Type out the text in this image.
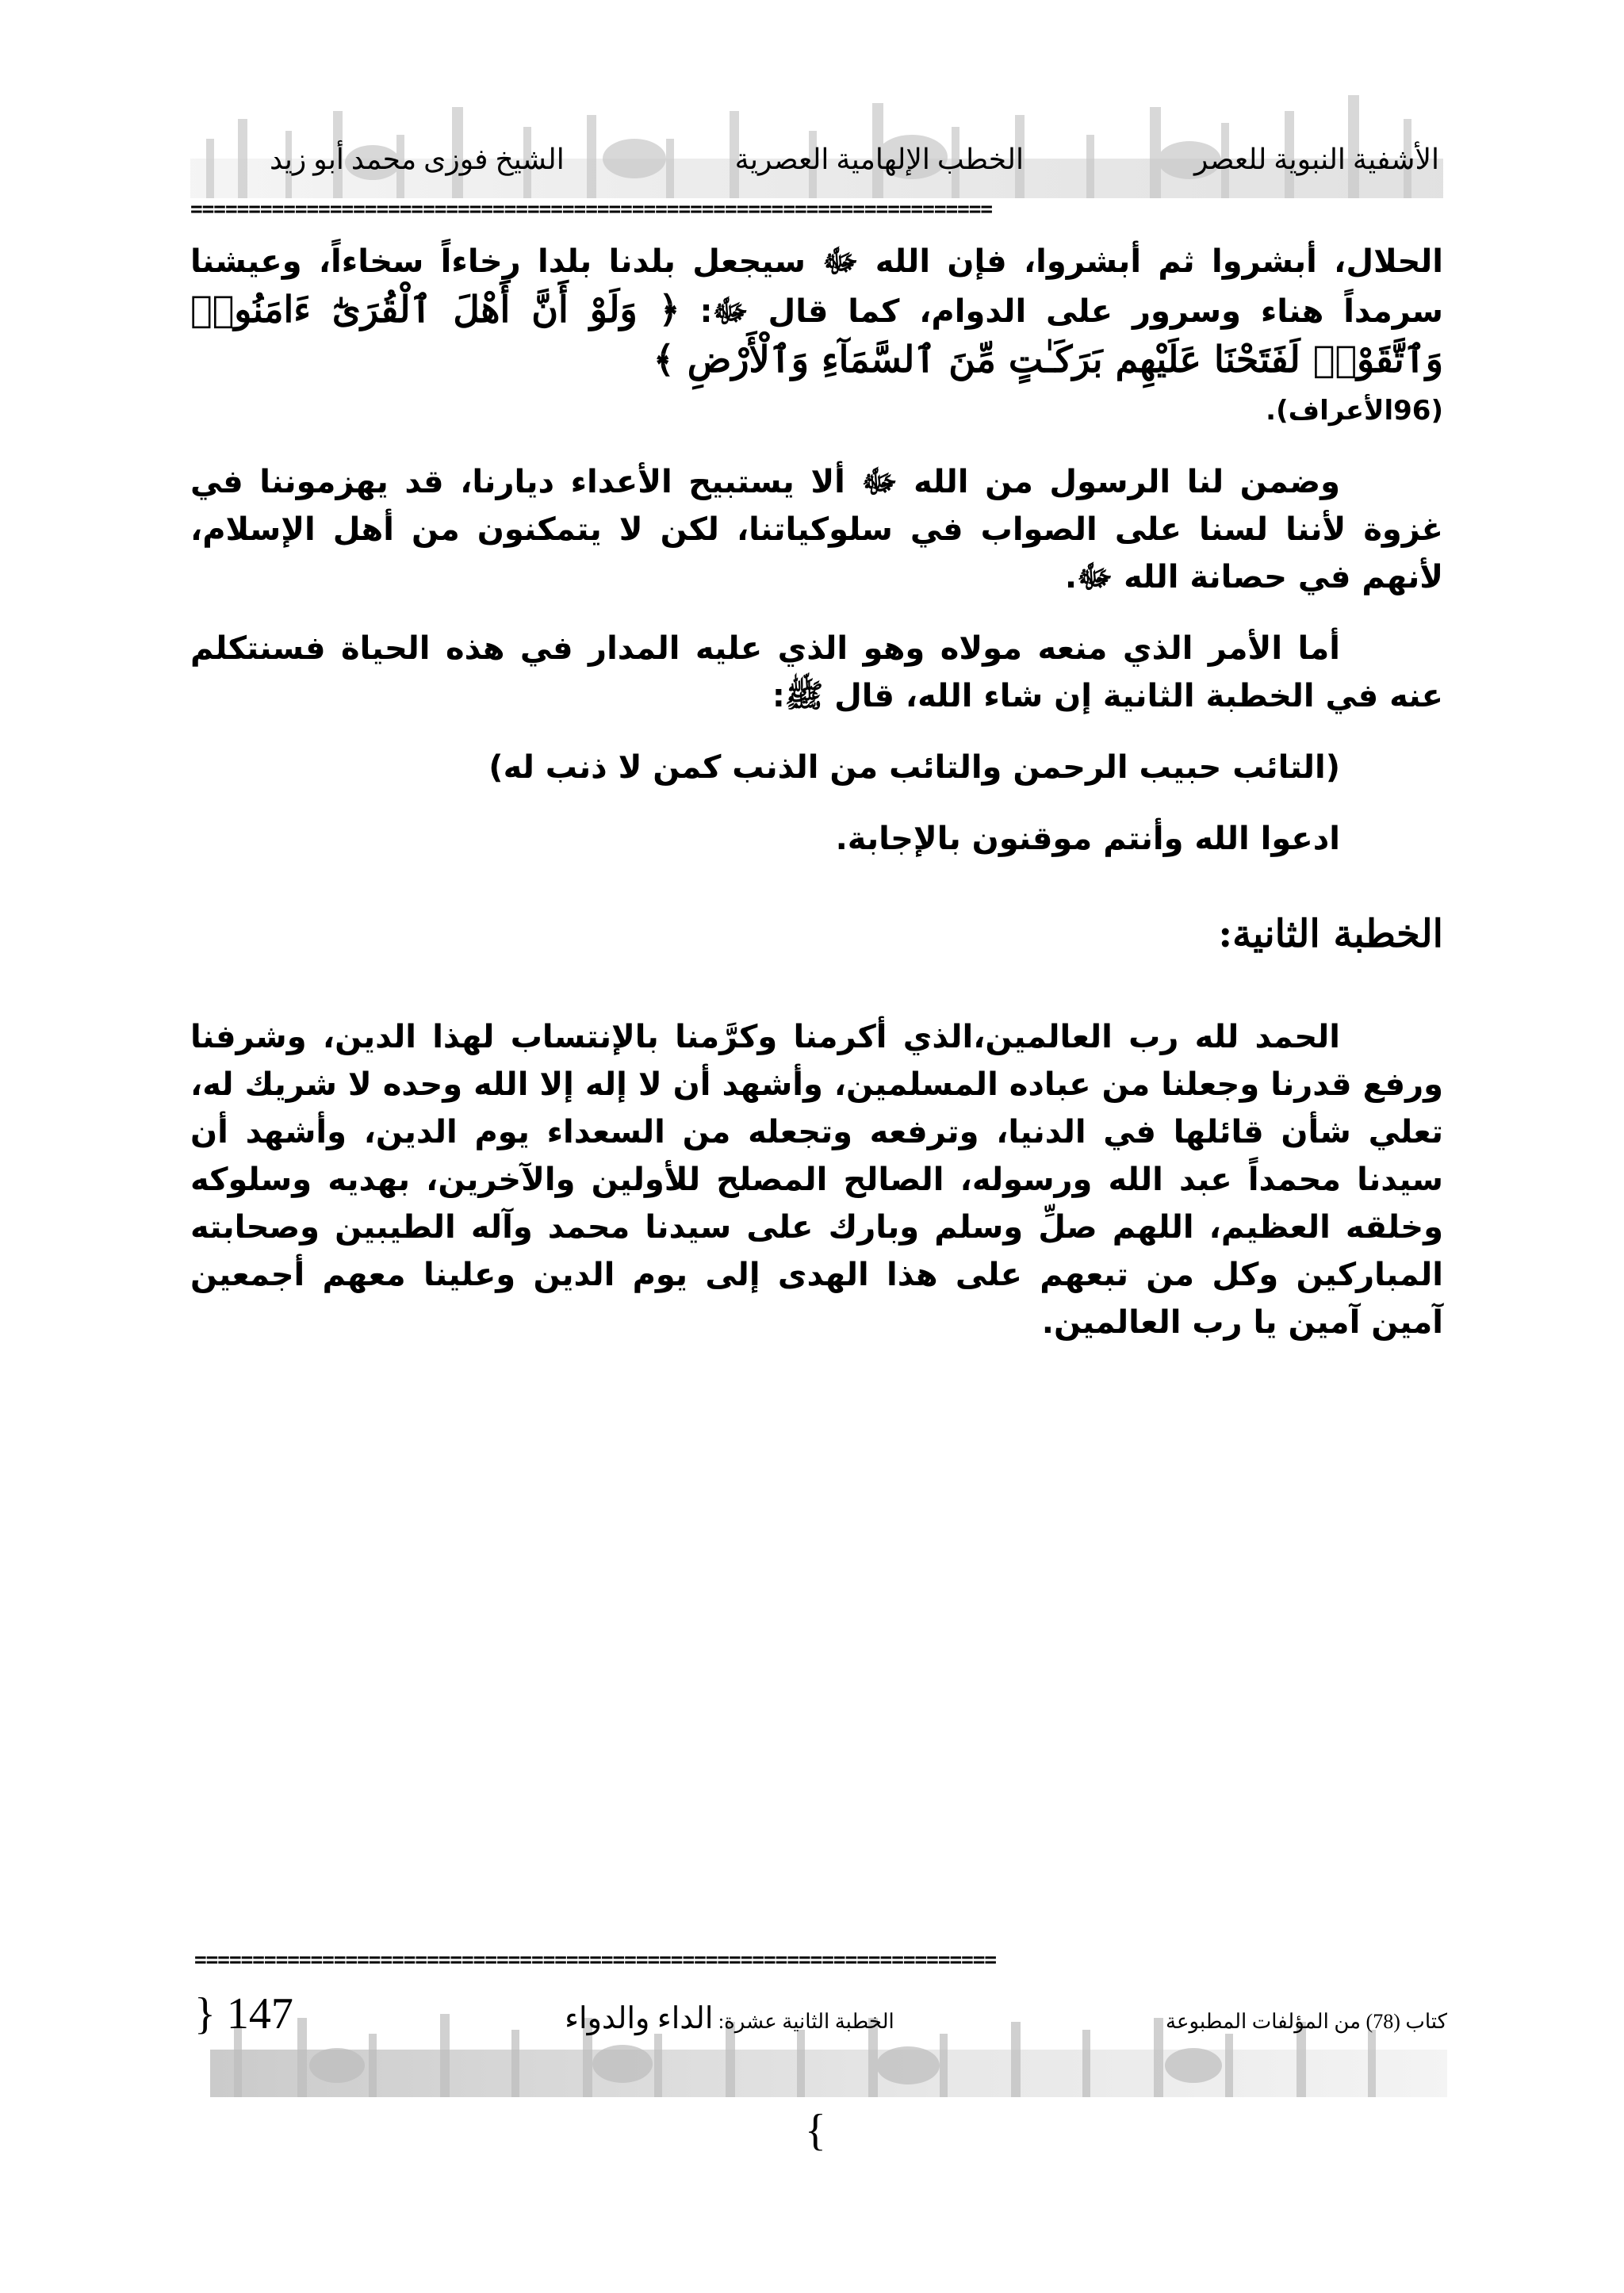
الأشفية النبوية للعصر
الخطب الإلهامية العصرية
الشيخ فوزى محمد أبو زيد
=====================================================================

الحلال، أبشروا ثم أبشروا، فإن الله ﷻ سيجعل بلدنا بلدا رخاءاً سخاءاً، وعيشنا سرمداً هناء وسرور على الدوام، كما قال ﷻ: ﴿ وَلَوْ أَنَّ أَهْلَ ٱلْقُرَىٰٓ ءَامَنُوا۟ وَٱتَّقَوْا۟ لَفَتَحْنَا عَلَيْهِم بَرَكَـٰتٍ مِّنَ ٱلسَّمَآءِ وَٱلْأَرْضِ ﴾
(96الأعراف).

وضمن لنا الرسول من الله ﷻ ألا يستبيح الأعداء ديارنا، قد يهزموننا في غزوة لأننا لسنا على الصواب في سلوكياتنا، لكن لا يتمكنون من أهل الإسلام، لأنهم في حصانة الله ﷻ.

أما الأمر الذي منعه مولاه وهو الذي عليه المدار في هذه الحياة فسنتكلم عنه في الخطبة الثانية إن شاء الله، قال ﷺ:

(التائب حبيب الرحمن والتائب من الذنب كمن لا ذنب له)

ادعوا الله وأنتم موقنون بالإجابة.

الخطبة الثانية:

الحمد لله رب العالمين،الذي أكرمنا وكرَّمنا بالإنتساب لهذا الدين، وشرفنا ورفع قدرنا وجعلنا من عباده المسلمين، وأشهد أن لا إله إلا الله وحده لا شريك له، تعلي شأن قائلها في الدنيا، وترفعه وتجعله من السعداء يوم الدين، وأشهد أن سيدنا محمداً عبد الله ورسوله، الصالح المصلح للأولين والآخرين، بهديه وسلوكه وخلقه العظيم، اللهم صلِّ وسلم وبارك على سيدنا محمد وآله الطيبين وصحابته المباركين وكل من تبعهم على هذا الهدى إلى يوم الدين وعلينا معهم أجمعين آمين آمين يا رب العالمين.

=====================================================================
كتاب (78) من المؤلفات المطبوعة
الخطبة الثانية عشرة: الداء والدواء
} 147
{
